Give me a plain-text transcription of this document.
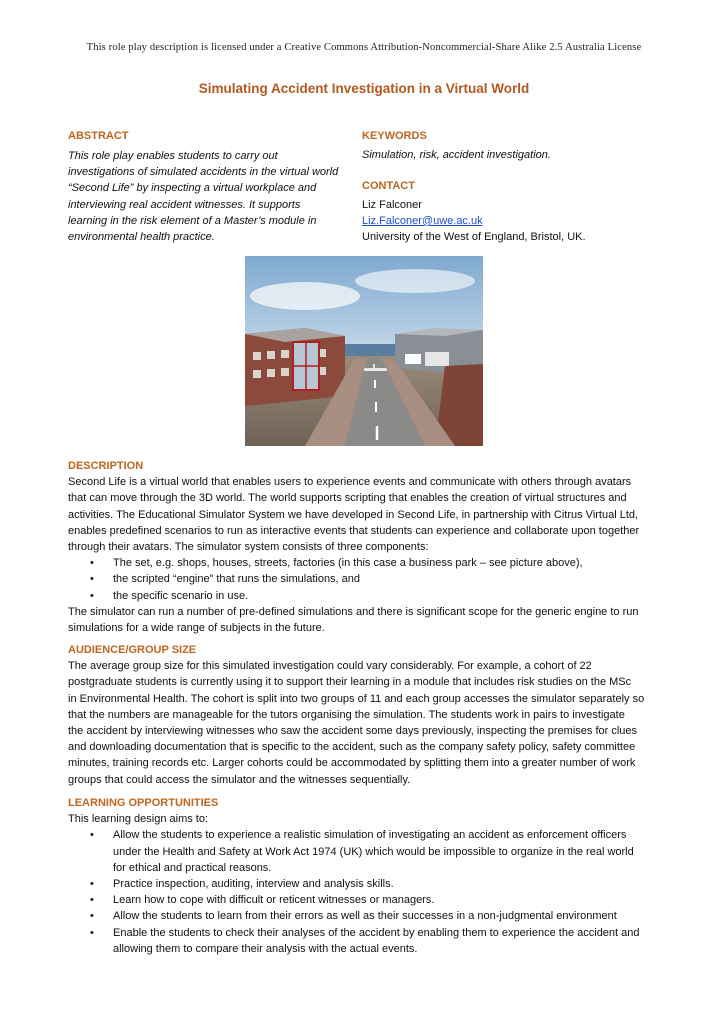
This role play description is licensed under a Creative Commons Attribution-Noncommercial-Share Alike 2.5 Australia License
Simulating Accident Investigation in a Virtual World
ABSTRACT
This role play enables students to carry out
investigations of simulated accidents in the virtual world
“Second Life” by inspecting a virtual workplace and
interviewing real accident witnesses. It supports
learning in the risk element of a Master’s module in
environmental health practice.
KEYWORDS
Simulation, risk, accident investigation.
CONTACT
Liz Falconer
Liz.Falconer@uwe.ac.uk
University of the West of England, Bristol, UK.
DESCRIPTION
Second Life is a virtual world that enables users to experience events and communicate with others through avatars
that can move through the 3D world. The world supports scripting that enables the creation of virtual structures and
activities. The Educational Simulator System we have developed in Second Life, in partnership with Citrus Virtual Ltd,
enables predefined scenarios to run as interactive events that students can experience and collaborate upon together
through their avatars. The simulator system consists of three components:
• The set, e.g. shops, houses, streets, factories (in this case a business park – see picture above),
• the scripted “engine” that runs the simulations, and
• the specific scenario in use.
The simulator can run a number of pre-defined simulations and there is significant scope for the generic engine to run
simulations for a wide range of subjects in the future.
AUDIENCE/GROUP SIZE
The average group size for this simulated investigation could vary considerably. For example, a cohort of 22
postgraduate students is currently using it to support their learning in a module that includes risk studies on the MSc
in Environmental Health. The cohort is split into two groups of 11 and each group accesses the simulator separately so
that the numbers are manageable for the tutors organising the simulation. The students work in pairs to investigate
the accident by interviewing witnesses who saw the accident some days previously, inspecting the premises for clues
and downloading documentation that is specific to the accident, such as the company safety policy, safety committee
minutes, training records etc. Larger cohorts could be accommodated by splitting them into a greater number of work
groups that could access the simulator and the witnesses sequentially.
LEARNING OPPORTUNITIES
This learning design aims to:
• Allow the students to experience a realistic simulation of investigating an accident as enforcement officers
under the Health and Safety at Work Act 1974 (UK) which would be impossible to organize in the real world
for ethical and practical reasons.
• Practice inspection, auditing, interview and analysis skills.
• Learn how to cope with difficult or reticent witnesses or managers.
• Allow the students to learn from their errors as well as their successes in a non-judgmental environment
• Enable the students to check their analyses of the accident by enabling them to experience the accident and
allowing them to compare their analysis with the actual events.
